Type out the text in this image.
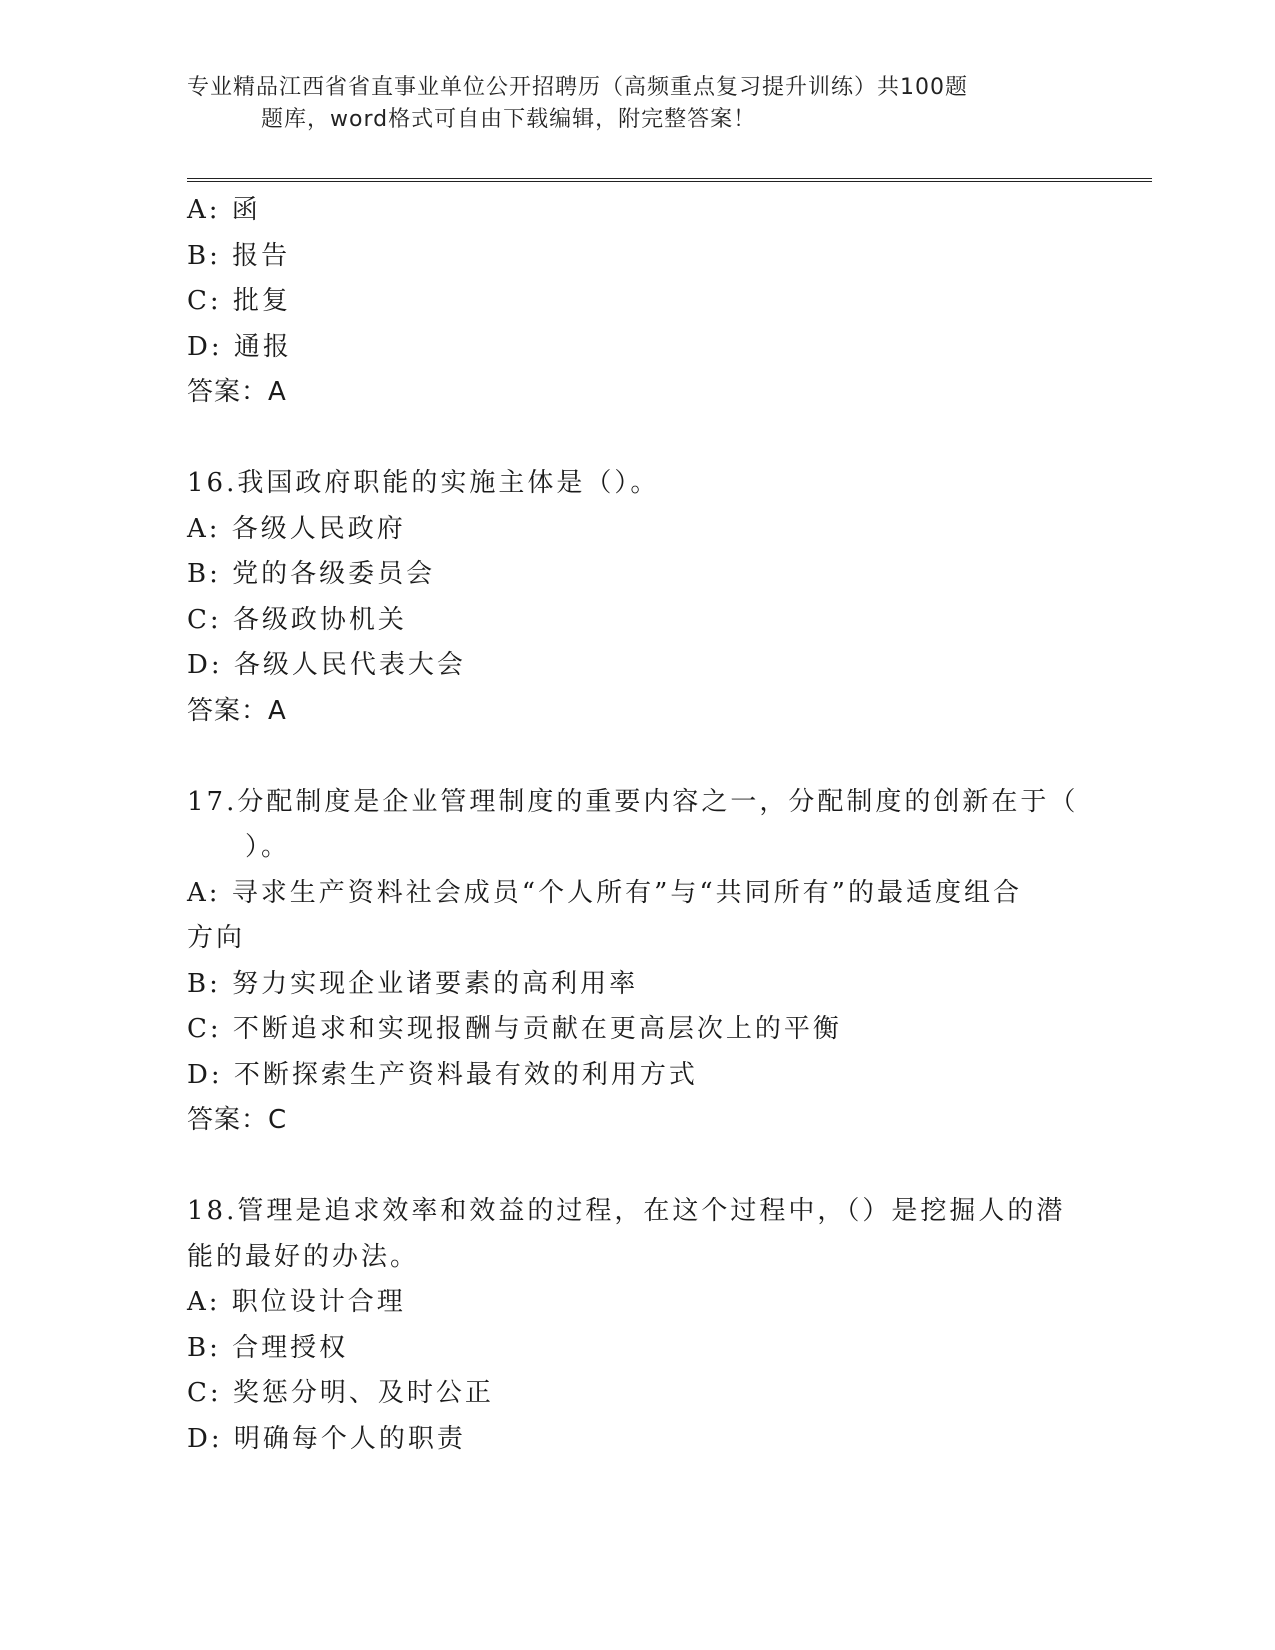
专业精品江西省省直事业单位公开招聘历（高频重点复习提升训练）共100题
题库，word格式可自由下载编辑，附完整答案！
A: 函
B: 报告
C: 批复
D: 通报
答案：A
16.我国政府职能的实施主体是（）。
A: 各级人民政府
B: 党的各级委员会
C: 各级政协机关
D: 各级人民代表大会
答案：A
17.分配制度是企业管理制度的重要内容之一，分配制度的创新在于（
）。
A: 寻求生产资料社会成员“个人所有”与“共同所有”的最适度组合
方向
B: 努力实现企业诸要素的高利用率
C: 不断追求和实现报酬与贡献在更高层次上的平衡
D: 不断探索生产资料最有效的利用方式
答案：C
18.管理是追求效率和效益的过程，在这个过程中，（）是挖掘人的潜
能的最好的办法。
A: 职位设计合理
B: 合理授权
C: 奖惩分明、及时公正
D: 明确每个人的职责
